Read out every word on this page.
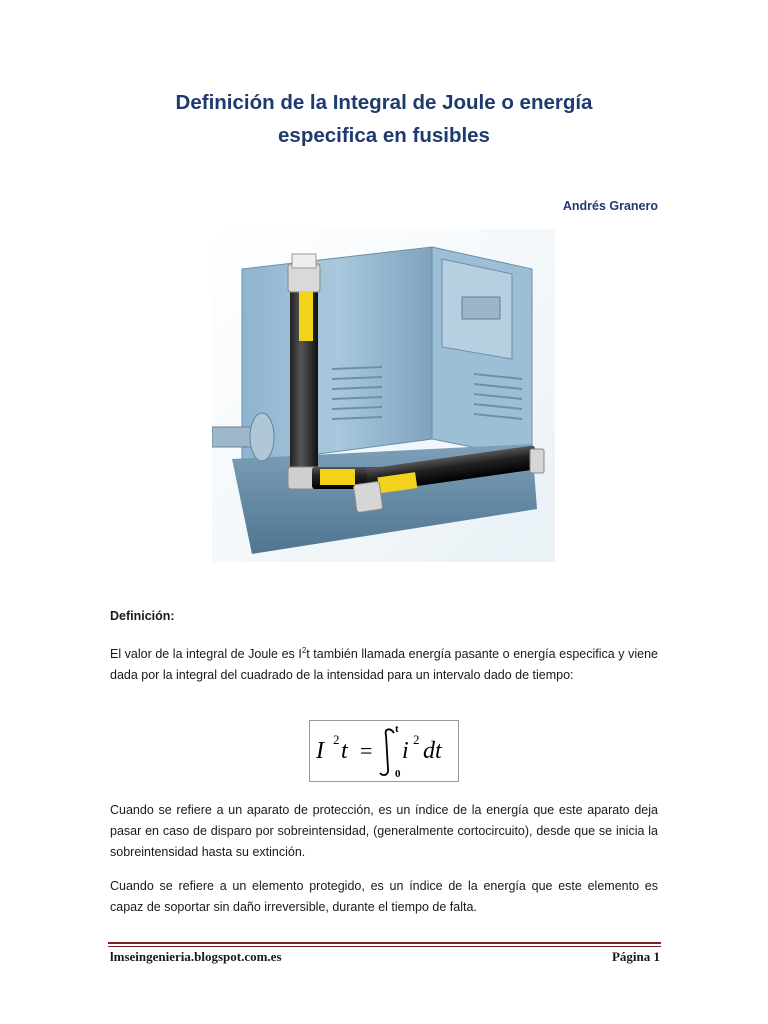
Definición de la Integral de Joule o energía
especifica en fusibles
Andrés Granero
Definición:
El valor de la integral de Joule es $I^2t$ también llamada energía pasante o energía especifica y viene dada por la integral del cuadrado de la intensidad para un intervalo dado de tiempo:
I 2 t =
t
0
i 2 dt
Cuando se refiere a un aparato de protección, es un índice de la energía que este aparato deja pasar en caso de disparo por sobreintensidad, (generalmente cortocircuito), desde que se inicia la sobreintensidad hasta su extinción.
Cuando se refiere a un elemento protegido, es un índice de la energía que este elemento es capaz de soportar sin daño irreversible, durante el tiempo de falta.
lmseingenieria.blogspot.com.es	Página 1
